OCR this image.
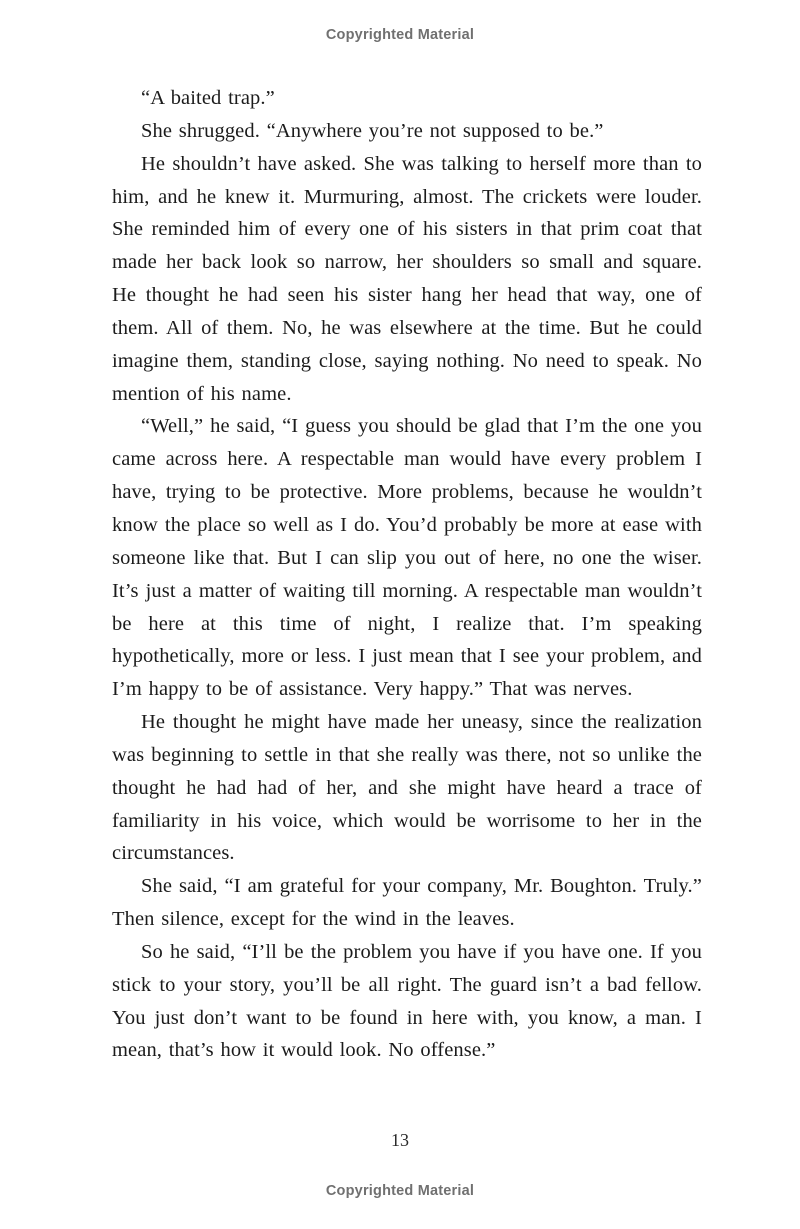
Copyrighted Material

“A baited trap.”

She shrugged. “Anywhere you’re not supposed to be.”

He shouldn’t have asked. She was talking to herself more than to him, and he knew it. Murmuring, almost. The crickets were louder. She reminded him of every one of his sisters in that prim coat that made her back look so narrow, her shoulders so small and square. He thought he had seen his sister hang her head that way, one of them. All of them. No, he was elsewhere at the time. But he could imagine them, standing close, saying nothing. No need to speak. No mention of his name.

“Well,” he said, “I guess you should be glad that I’m the one you came across here. A respectable man would have every problem I have, trying to be protective. More problems, because he wouldn’t know the place so well as I do. You’d probably be more at ease with someone like that. But I can slip you out of here, no one the wiser. It’s just a matter of waiting till morning. A respectable man wouldn’t be here at this time of night, I realize that. I’m speaking hypothetically, more or less. I just mean that I see your problem, and I’m happy to be of assistance. Very happy.” That was nerves.

He thought he might have made her uneasy, since the realization was beginning to settle in that she really was there, not so unlike the thought he had had of her, and she might have heard a trace of familiarity in his voice, which would be worrisome to her in the circumstances.

She said, “I am grateful for your company, Mr. Boughton. Truly.” Then silence, except for the wind in the leaves.

So he said, “I’ll be the problem you have if you have one. If you stick to your story, you’ll be all right. The guard isn’t a bad fellow. You just don’t want to be found in here with, you know, a man. I mean, that’s how it would look. No offense.”

13
Copyrighted Material
